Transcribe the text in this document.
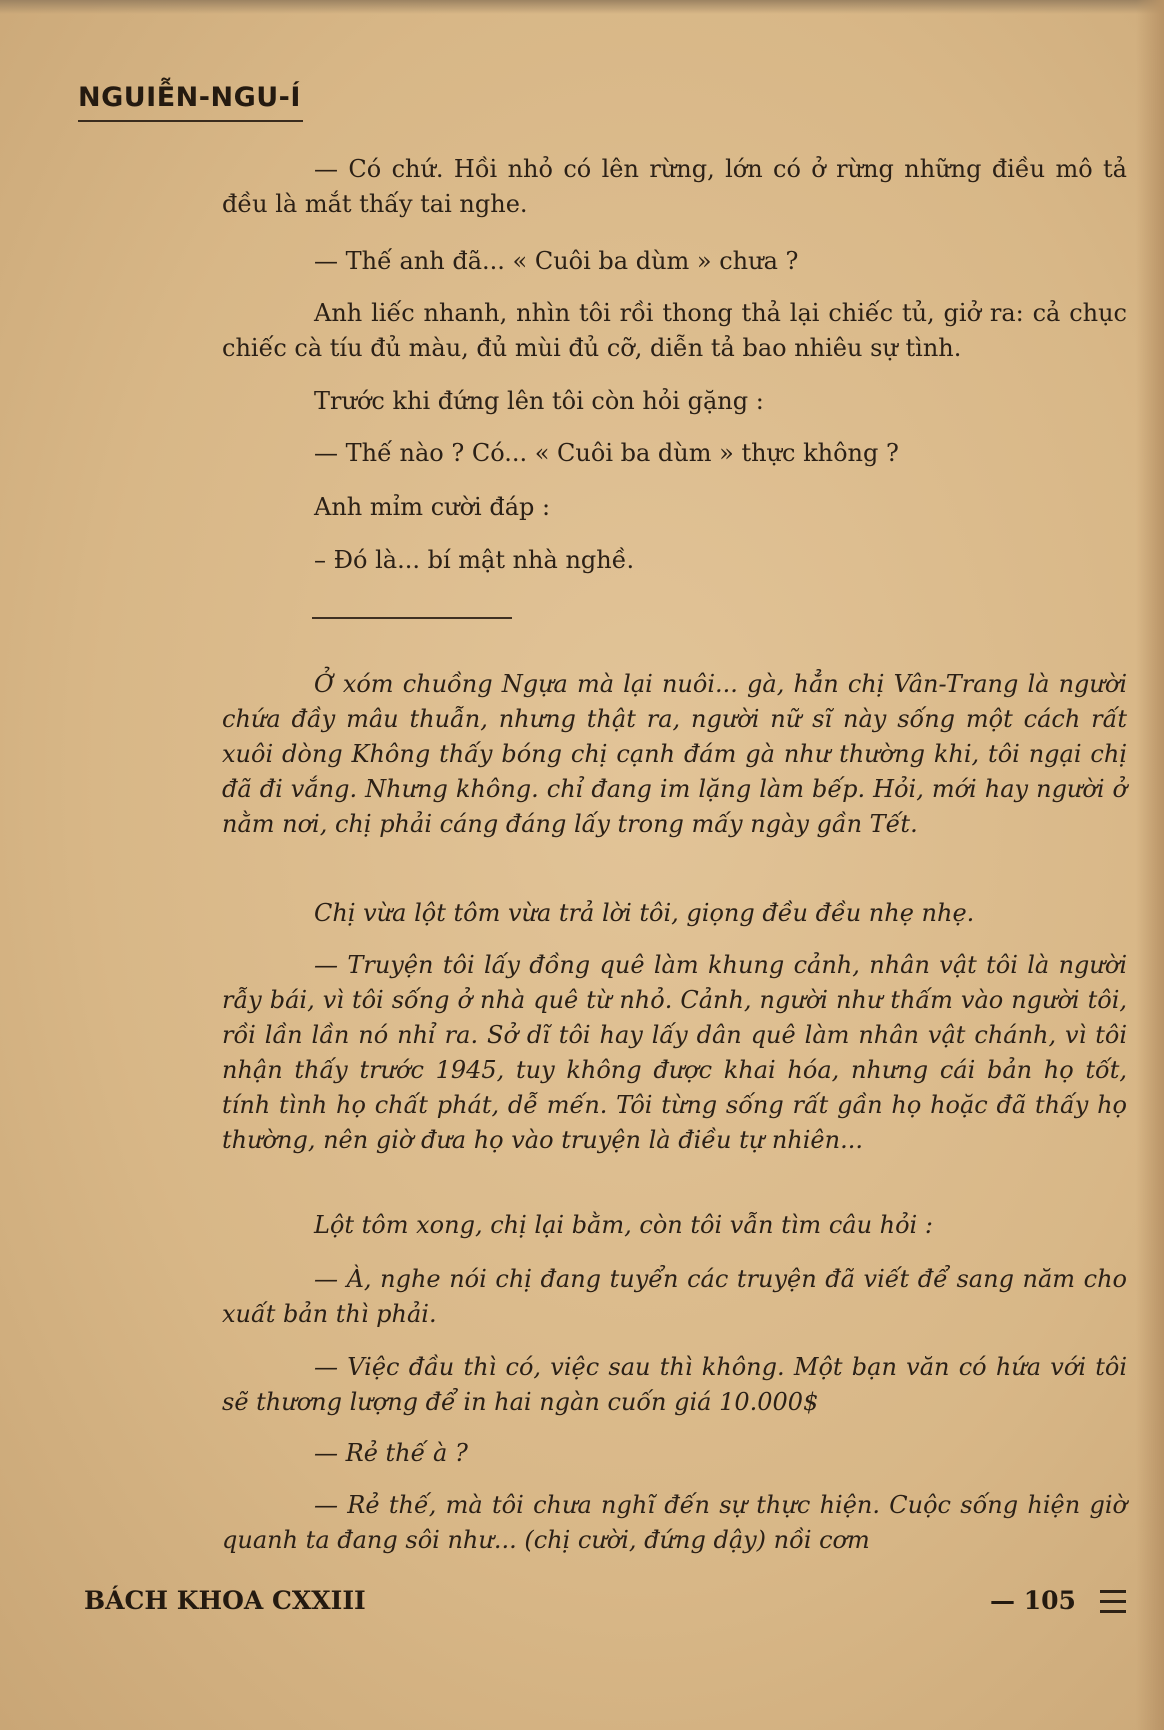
NGUIỄN-NGU-Í
— Có chứ. Hồi nhỏ có lên rừng, lớn có ở rừng những điều mô tả đều là mắt thấy tai nghe.
— Thế anh đã... « Cuôi ba dùm » chưa ?
Anh liếc nhanh, nhìn tôi rồi thong thả lại chiếc tủ, giở ra: cả chục chiếc cà tíu đủ màu, đủ mùi đủ cỡ, diễn tả bao nhiêu sự tình.
Trước khi đứng lên tôi còn hỏi gặng :
— Thế nào ? Có... « Cuôi ba dùm » thực không ?
Anh mỉm cười đáp :
– Đó là... bí mật nhà nghề.
Ở xóm chuồng Ngựa mà lại nuôi... gà, hẳn chị Vân-Trang là người chứa đầy mâu thuẫn, nhưng thật ra, người nữ sĩ này sống một cách rất xuôi dòng Không thấy bóng chị cạnh đám gà như thường khi, tôi ngại chị đã đi vắng. Nhưng không. chỉ đang im lặng làm bếp. Hỏi, mới hay người ở nằm nơi, chị phải cáng đáng lấy trong mấy ngày gần Tết.
Chị vừa lột tôm vừa trả lời tôi, giọng đều đều nhẹ nhẹ.
— Truyện tôi lấy đồng quê làm khung cảnh, nhân vật tôi là người rẫy bái, vì tôi sống ở nhà quê từ nhỏ. Cảnh, người như thấm vào người tôi, rồi lần lần nó nhỉ ra. Sở dĩ tôi hay lấy dân quê làm nhân vật chánh, vì tôi nhận thấy trước 1945, tuy không được khai hóa, nhưng cái bản họ tốt, tính tình họ chất phát, dễ mến. Tôi từng sống rất gần họ hoặc đã thấy họ thường, nên giờ đưa họ vào truyện là điều tự nhiên...
Lột tôm xong, chị lại bằm, còn tôi vẫn tìm câu hỏi :
— À, nghe nói chị đang tuyển các truyện đã viết để sang năm cho xuất bản thì phải.
— Việc đầu thì có, việc sau thì không. Một bạn văn có hứa với tôi sẽ thương lượng để in hai ngàn cuốn giá 10.000$
— Rẻ thế à ?
— Rẻ thế, mà tôi chưa nghĩ đến sự thực hiện. Cuộc sống hiện giờ quanh ta đang sôi như... (chị cười, đứng dậy) nồi cơm
BÁCH KHOA CXXIII	— 105
